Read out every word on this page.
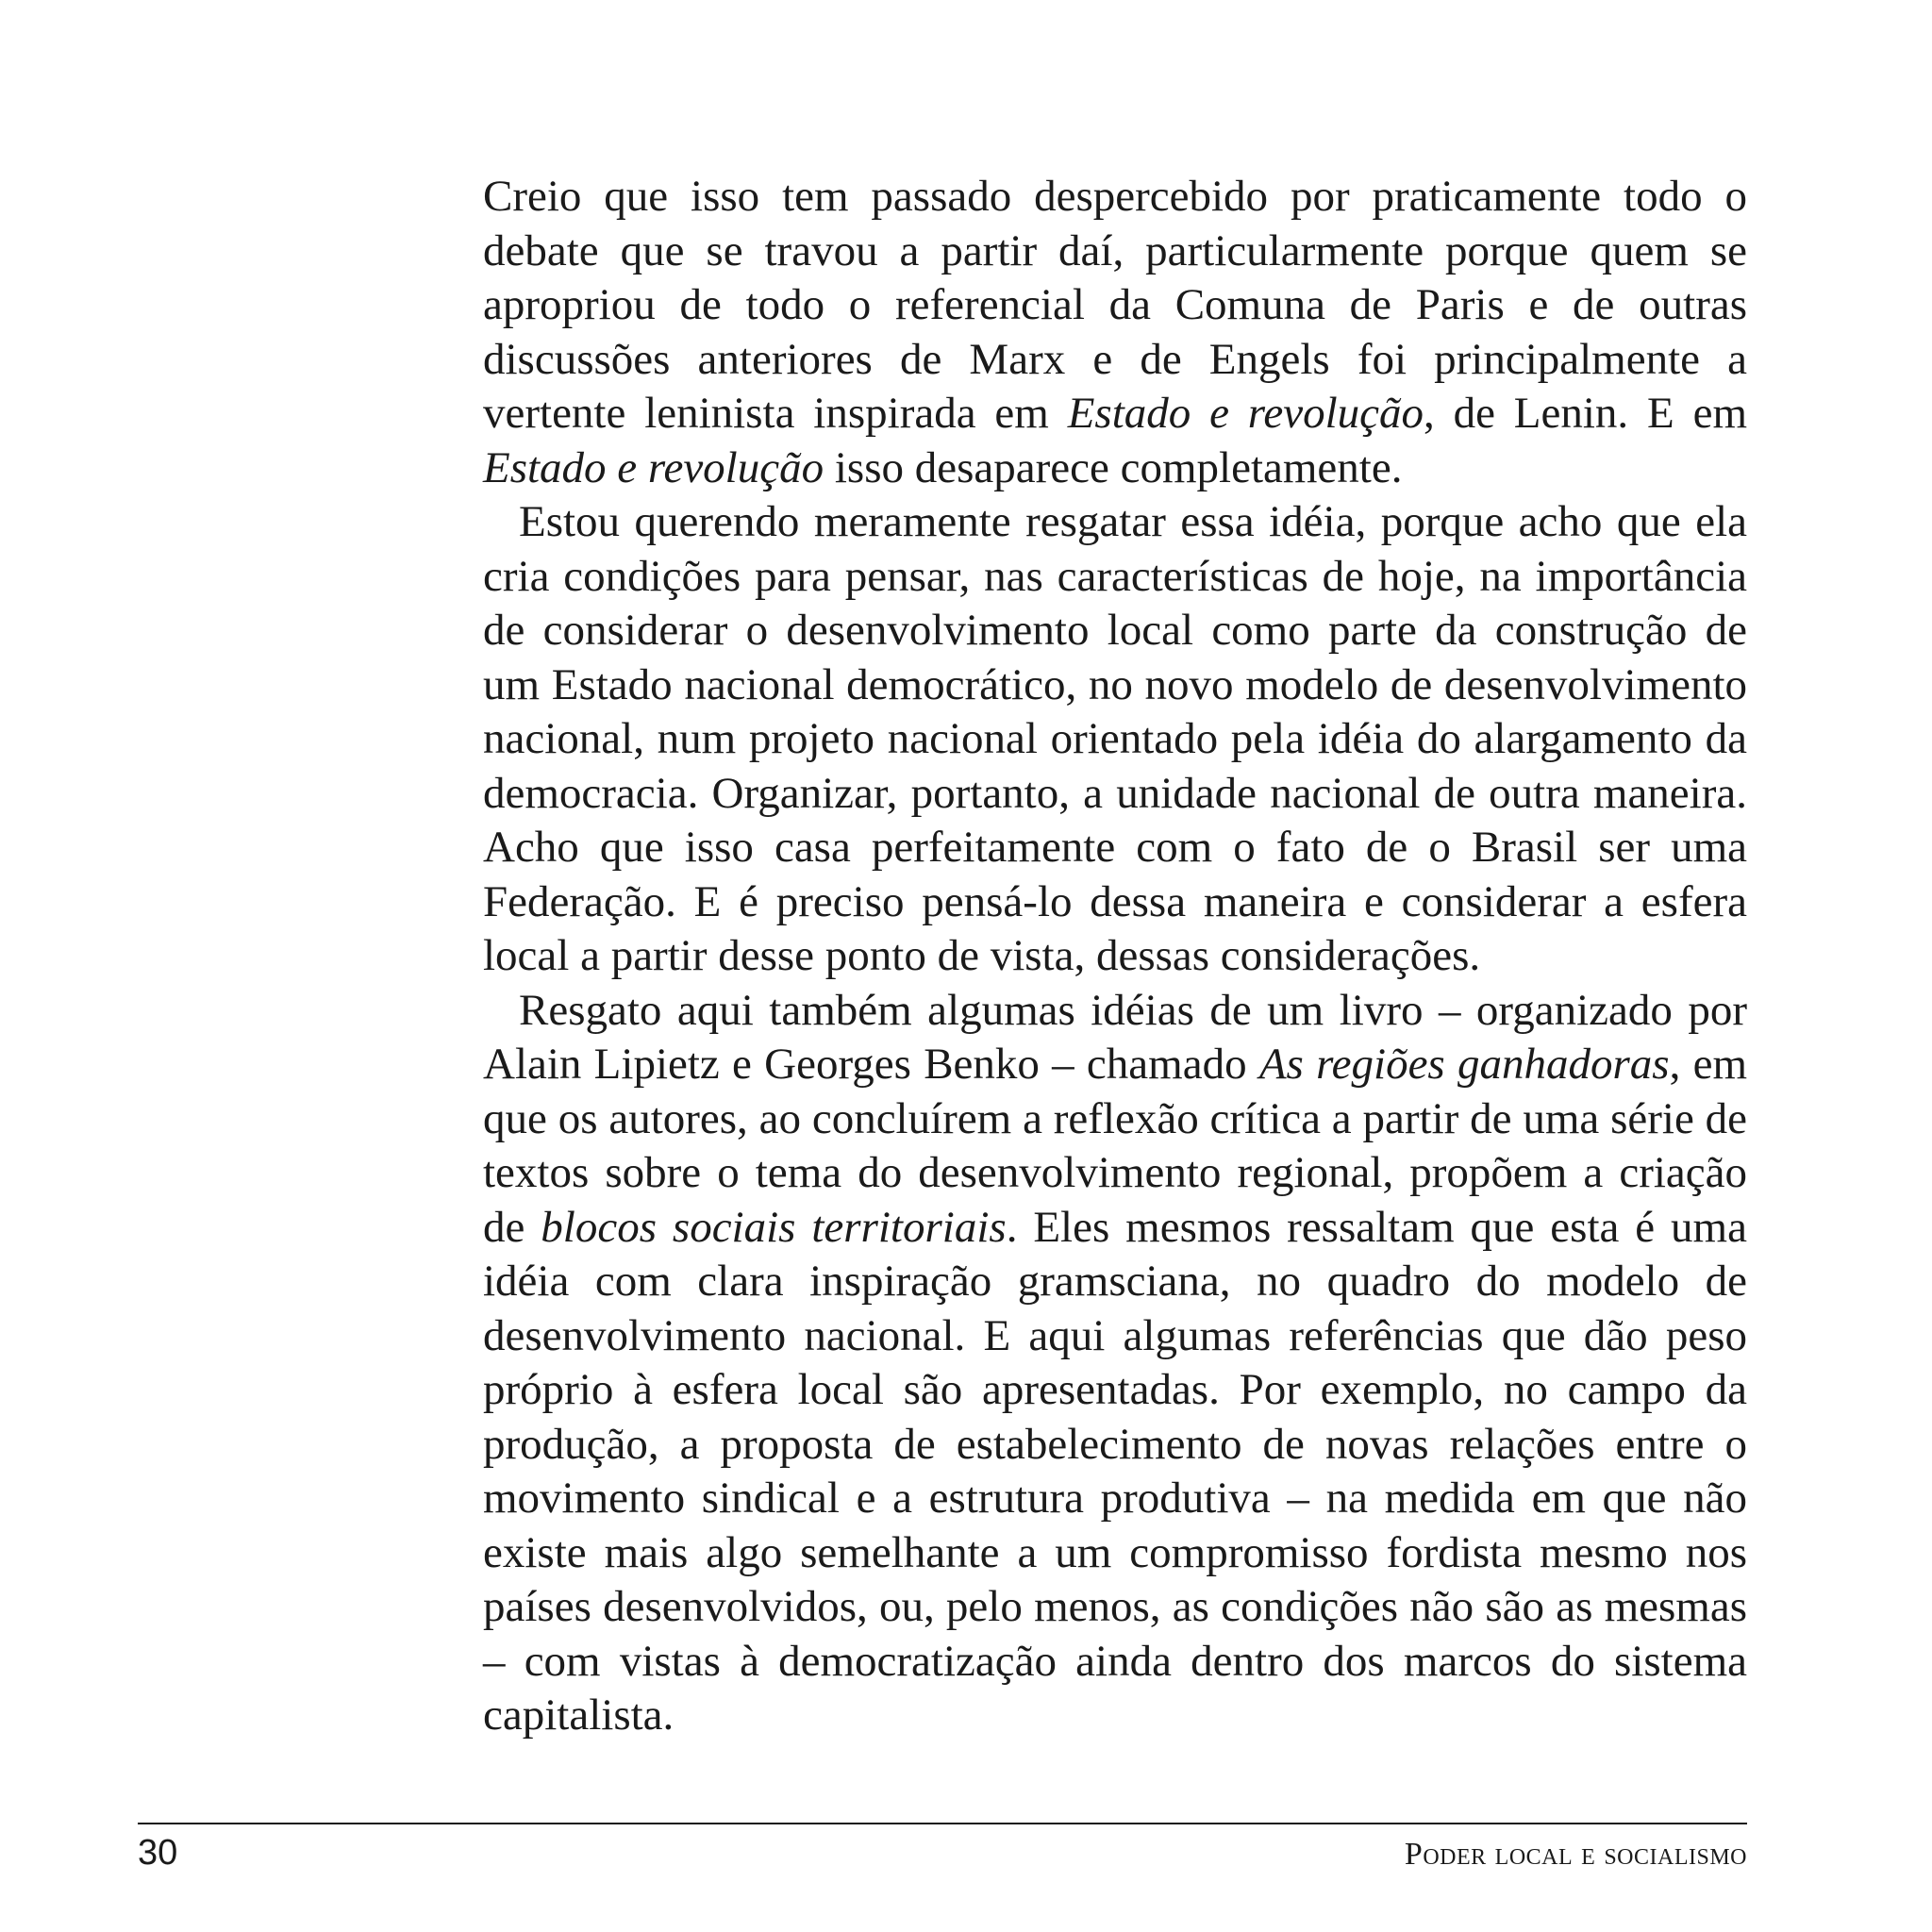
Creio que isso tem passado despercebido por praticamente todo o debate que se travou a partir daí, particularmente porque quem se apropriou de todo o referencial da Comuna de Paris e de outras discussões anteriores de Marx e de Engels foi principalmente a vertente leninista inspirada em Estado e revolução, de Lenin. E em Estado e revolução isso desaparece completamente.

Estou querendo meramente resgatar essa idéia, porque acho que ela cria condições para pensar, nas características de hoje, na importância de considerar o desenvolvimento local como parte da construção de um Estado nacional democrático, no novo modelo de desenvolvimento nacional, num projeto nacional orientado pela idéia do alargamento da democracia. Organizar, portanto, a unidade nacional de outra maneira. Acho que isso casa perfeitamente com o fato de o Brasil ser uma Federação. E é preciso pensá-lo dessa maneira e considerar a esfera local a partir desse ponto de vista, dessas considerações.

Resgato aqui também algumas idéias de um livro – organizado por Alain Lipietz e Georges Benko – chamado As regiões ganhadoras, em que os autores, ao concluírem a reflexão crítica a partir de uma série de textos sobre o tema do desenvolvimento regional, propõem a criação de blocos sociais territoriais. Eles mesmos ressaltam que esta é uma idéia com clara inspiração gramsciana, no quadro do modelo de desenvolvimento nacional. E aqui algumas referências que dão peso próprio à esfera local são apresentadas. Por exemplo, no campo da produção, a proposta de estabelecimento de novas relações entre o movimento sindical e a estrutura produtiva – na medida em que não existe mais algo semelhante a um compromisso fordista mesmo nos países desenvolvidos, ou, pelo menos, as condições não são as mesmas – com vistas à democratização ainda dentro dos marcos do sistema capitalista.

30	Poder local e socialismo
